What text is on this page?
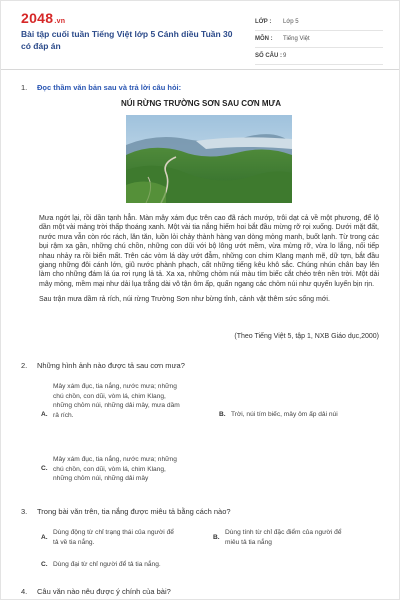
2048.vn
Bài tập cuối tuần Tiếng Việt lớp 5 Cánh diều Tuần 30 có đáp án
LỚP :	Lớp 5
MÔN :	Tiếng Việt
SỐ CÂU : 9
1. Đọc thầm văn bản sau và trả lời câu hỏi:
NÚI RỪNG TRƯỜNG SƠN SAU CƠN MƯA

Mưa ngớt lại, rồi dần tạnh hẳn. Màn mây xám đục trên cao đã rách mướp, trôi dạt cả về một phương, để lộ dần một vài mảng trời thấp thoáng xanh. Một vài tia nắng hiếm hoi bắt đầu mừng rỡ rọi xuống. Dưới mặt đất, nước mưa vẫn còn róc rách, lăn tăn, luồn lỏi chảy thành hàng vạn dòng mỏng manh, buốt lạnh. Từ trong các bụi rậm xa gần, những chú chồn, những con dũi với bộ lông ướt mềm, vừa mừng rỡ, vừa lo lắng, nối tiếp nhau nhảy ra rồi biến mất. Trên các vòm lá dày ướt đẫm, những con chim Klang mạnh mẽ, dữ tợn, bắt đầu giang những đôi cánh lớn, giũ nước phành phạch, cất những tiếng kêu khô sắc. Chúng nhún chân bay lên làm cho những đám lá úa rơi rụng lả tả. Xa xa, những chỏm núi màu tím biếc cắt chéo trên nền trời. Một dải mây mỏng, mềm mại như dải lụa trắng dài vô tận ôm ấp, quấn ngang các chỏm núi như quyến luyến bịn rịn.

Sau trận mưa dầm rả rích, núi rừng Trường Sơn như bừng tỉnh, cảnh vật thêm sức sống mới.

(Theo Tiếng Việt 5, tập 1, NXB Giáo dục,2000)
2. Những hình ảnh nào được tả sau cơn mưa?
A.
Mây xám đục, tia nắng, nước mưa; những
chú chồn, con dũi, vòm lá, chim Klang,
những chỏm núi, những dải mây, mưa dầm
rả rích.	B. Trời, núi tím biếc, mây ôm ấp dải núi
C.
Mây xám đục, tia nắng, nước mưa; những
chú chồn, con dũi, vòm lá, chim Klang,
những chỏm núi, những dải mây
3. Trong bài văn trên, tia nắng được miêu tả bằng cách nào?
A.
Dùng động từ chỉ trạng thái của người để
tả về tia nắng.
B.
Dùng tính từ chỉ đặc điểm của người để
miêu tả tia nắng
C. Dùng đại từ chỉ người để tả tia nắng.
4. Câu văn nào nêu được ý chính của bài?
